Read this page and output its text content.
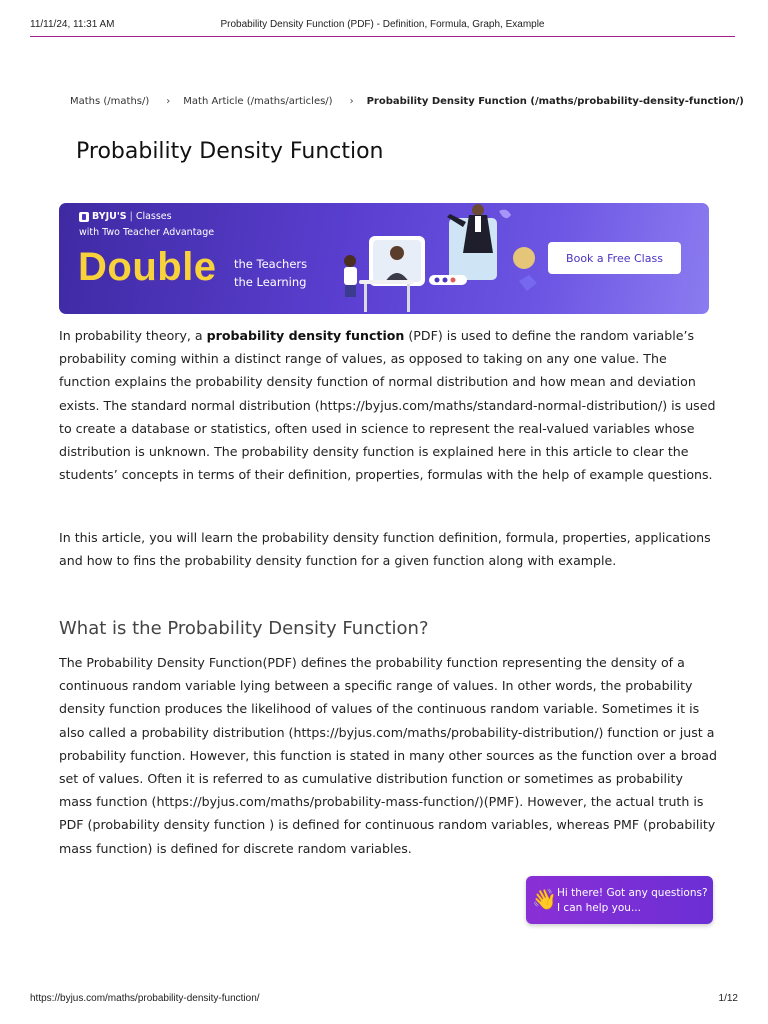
11/11/24, 11:31 AM	Probability Density Function (PDF) - Definition, Formula, Graph, Example
Maths (/maths/) › Math Article (/maths/articles/) › Probability Density Function (/maths/probability-density-function/)
Probability Density Function
BYJU'S | Classes
with Two Teacher Advantage
Double the Teachers
the Learning
Book a Free Class

In probability theory, a probability density function (PDF) is used to define the random variable’s probability coming within a distinct range of values, as opposed to taking on any one value. The function explains the probability density function of normal distribution and how mean and deviation exists. The standard normal distribution (https://byjus.com/maths/standard-normal-distribution/) is used to create a database or statistics, often used in science to represent the real-valued variables whose distribution is unknown. The probability density function is explained here in this article to clear the students’ concepts in terms of their definition, properties, formulas with the help of example questions.

In this article, you will learn the probability density function definition, formula, properties, applications and how to fins the probability density function for a given function along with example.

What is the Probability Density Function?

The Probability Density Function(PDF) defines the probability function representing the density of a continuous random variable lying between a specific range of values. In other words, the probability density function produces the likelihood of values of the continuous random variable. Sometimes it is also called a probability distribution (https://byjus.com/maths/probability-distribution/) function or just a probability function. However, this function is stated in many other sources as the function over a broad set of values. Often it is referred to as cumulative distribution function or sometimes as probability mass function (https://byjus.com/maths/probability-mass-function/)(PMF). However, the actual truth is PDF (probability density function ) is defined for continuous random variables, whereas PMF (probability mass function) is defined for discrete random variables.

👋 Hi there! Got any questions?
I can help you...
https://byjus.com/maths/probability-density-function/	1/12
